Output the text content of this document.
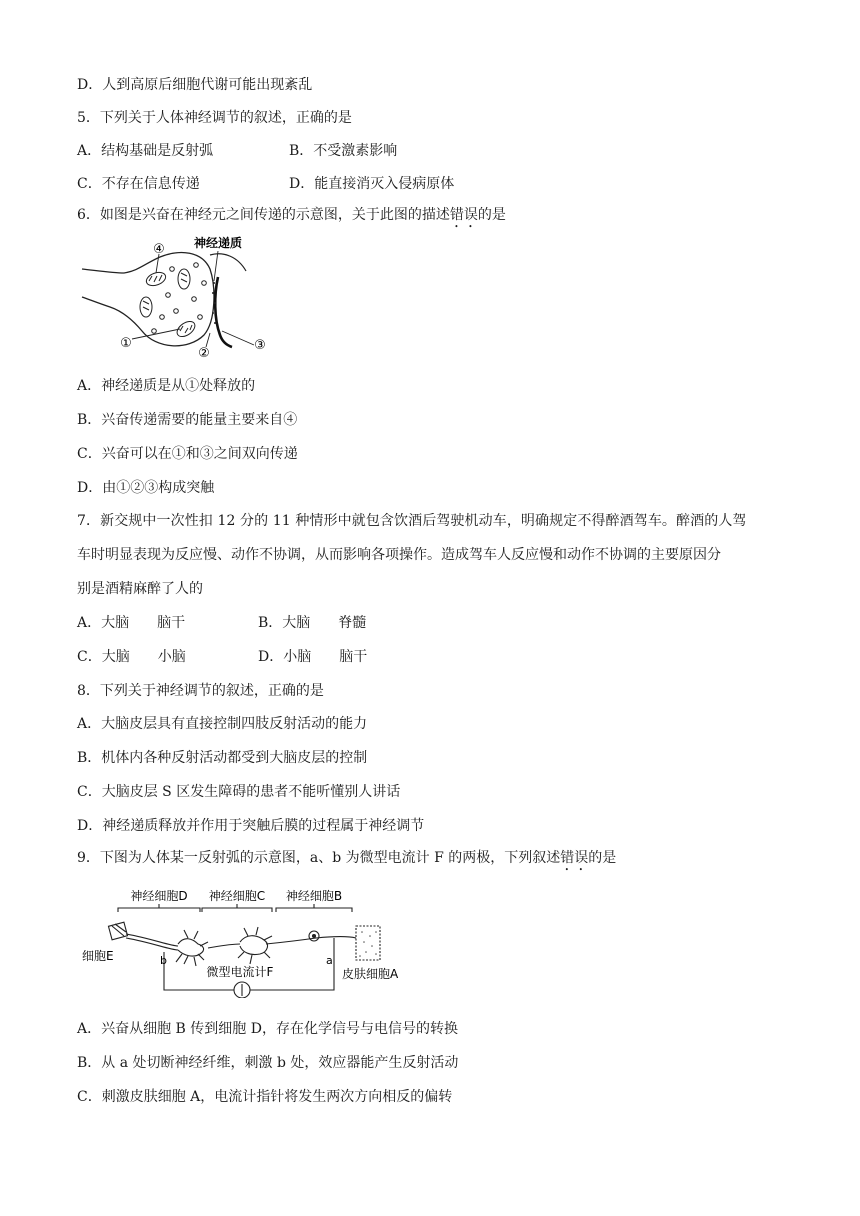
D．人到高原后细胞代谢可能出现紊乱
5．下列关于人体神经调节的叙述，正确的是
A．结构基础是反射弧	B．不受激素影响
C．不存在信息传递	D．能直接消灭入侵病原体
6．如图是兴奋在神经元之间传递的示意图，关于此图的描述错误的是
④ 神经递质
①
②
③
A．神经递质是从①处释放的
B．兴奋传递需要的能量主要来自④
C．兴奋可以在①和③之间双向传递
D．由①②③构成突触
7．新交规中一次性扣 12 分的 11 种情形中就包含饮酒后驾驶机动车，明确规定不得醉酒驾车。醉酒的人驾
车时明显表现为反应慢、动作不协调，从而影响各项操作。造成驾车人反应慢和动作不协调的主要原因分
别是酒精麻醉了人的
A．大脑　　脑干	B．大脑　　脊髓
C．大脑　　小脑	D．小脑　　脑干
8．下列关于神经调节的叙述，正确的是
A．大脑皮层具有直接控制四肢反射活动的能力
B．机体内各种反射活动都受到大脑皮层的控制
C．大脑皮层 S 区发生障碍的患者不能听懂别人讲话
D．神经递质释放并作用于突触后膜的过程属于神经调节
9．下图为人体某一反射弧的示意图，a、b 为微型电流计 F 的两极，下列叙述错误的是
神经细胞D 神经细胞C 神经细胞B
细胞E	b	a
微型电流计F	皮肤细胞A
A．兴奋从细胞 B 传到细胞 D，存在化学信号与电信号的转换
B．从 a 处切断神经纤维，刺激 b 处，效应器能产生反射活动
C．刺激皮肤细胞 A，电流计指针将发生两次方向相反的偏转
